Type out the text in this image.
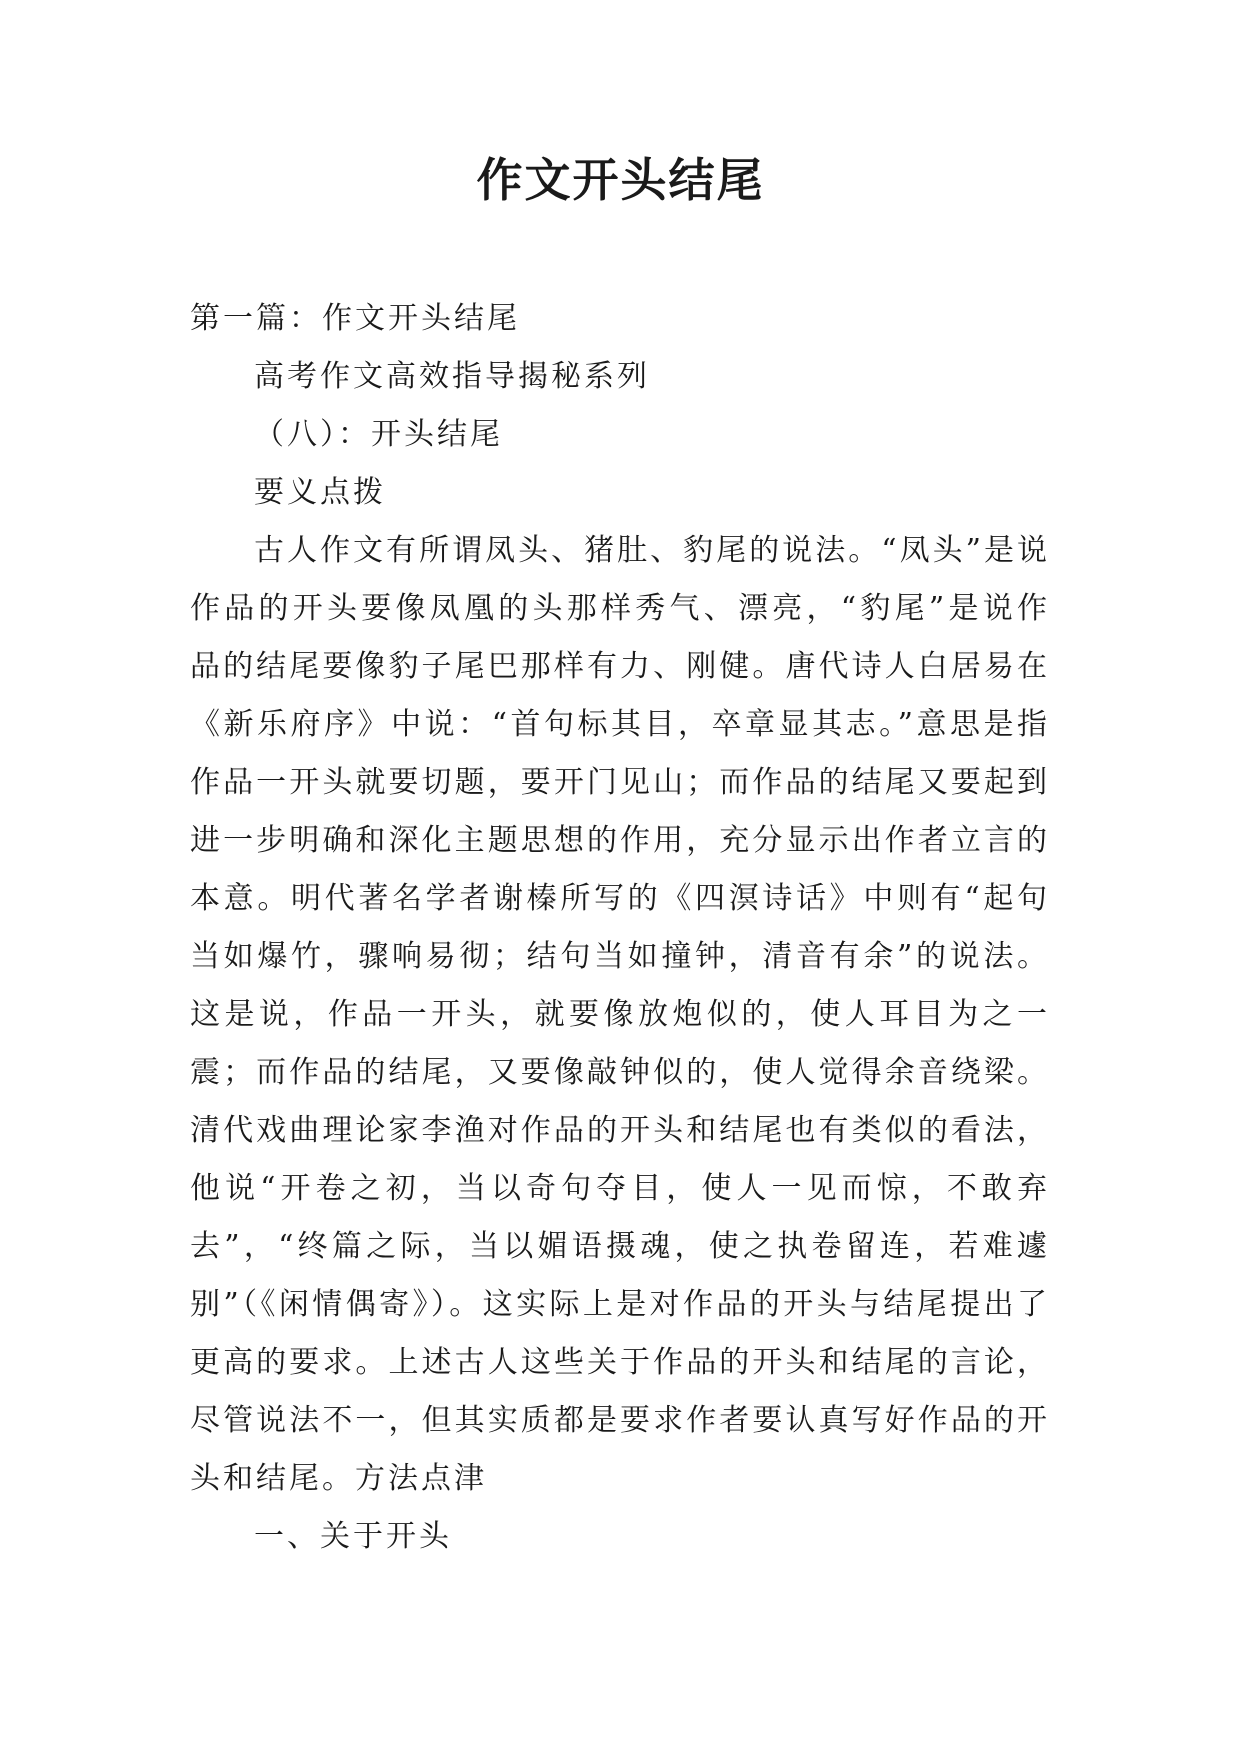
作文开头结尾

第一篇：作文开头结尾

高考作文高效指导揭秘系列

（八）：开头结尾

要义点拨

古人作文有所谓凤头、猪肚、豹尾的说法。“凤头”是说作品的开头要像凤凰的头那样秀气、漂亮，“豹尾”是说作品的结尾要像豹子尾巴那样有力、刚健。唐代诗人白居易在《新乐府序》中说：“首句标其目，卒章显其志。”意思是指作品一开头就要切题，要开门见山；而作品的结尾又要起到进一步明确和深化主题思想的作用，充分显示出作者立言的本意。明代著名学者谢榛所写的《四溟诗话》中则有“起句当如爆竹，骤响易彻；结句当如撞钟，清音有余”的说法。这是说，作品一开头，就要像放炮似的，使人耳目为之一震；而作品的结尾，又要像敲钟似的，使人觉得余音绕梁。清代戏曲理论家李渔对作品的开头和结尾也有类似的看法，他说“开卷之初，当以奇句夺目，使人一见而惊，不敢弃去”，“终篇之际，当以媚语摄魂，使之执卷留连，若难遽别”（《闲情偶寄》）。这实际上是对作品的开头与结尾提出了更高的要求。上述古人这些关于作品的开头和结尾的言论，尽管说法不一，但其实质都是要求作者要认真写好作品的开头和结尾。方法点津

一、关于开头
